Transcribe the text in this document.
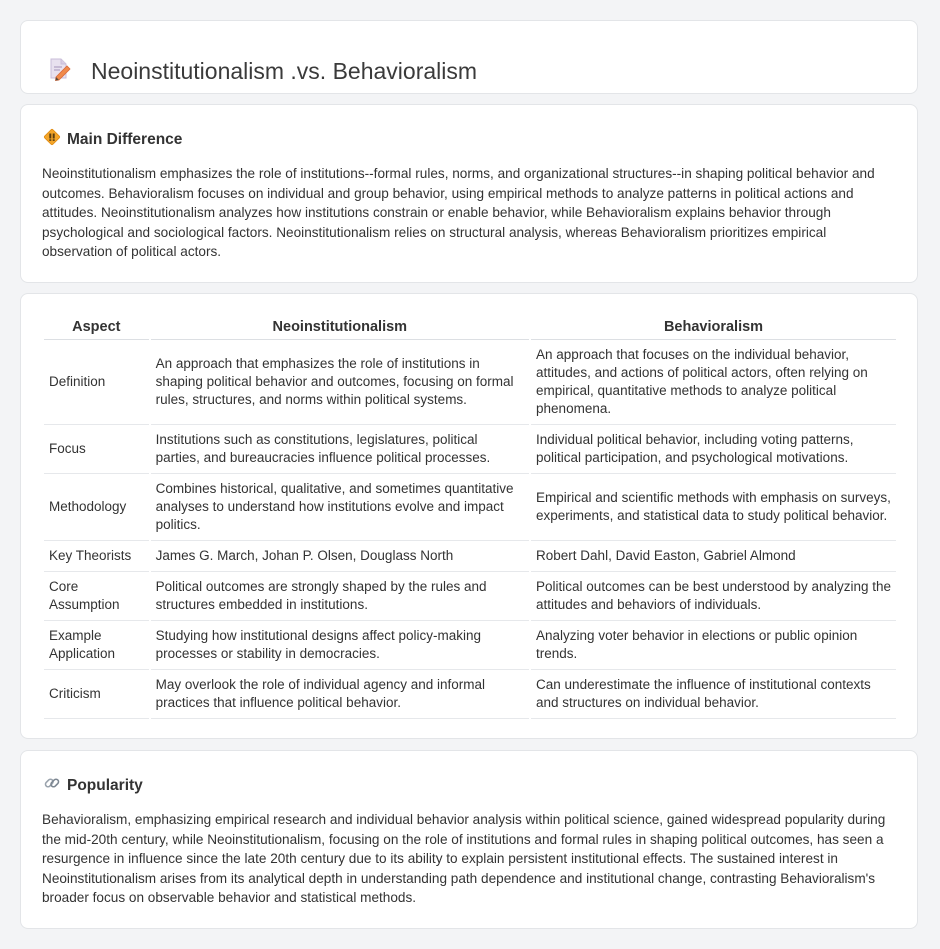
Neoinstitutionalism .vs. Behavioralism
Main Difference

Neoinstitutionalism emphasizes the role of institutions--formal rules, norms, and organizational structures--in shaping political behavior and outcomes. Behavioralism focuses on individual and group behavior, using empirical methods to analyze patterns in political actions and attitudes. Neoinstitutionalism analyzes how institutions constrain or enable behavior, while Behavioralism explains behavior through psychological and sociological factors. Neoinstitutionalism relies on structural analysis, whereas Behavioralism prioritizes empirical observation of political actors.

Aspect	Neoinstitutionalism	Behavioralism
Definition	An approach that emphasizes the role of institutions in shaping political behavior and outcomes, focusing on formal rules, structures, and norms within political systems.	An approach that focuses on the individual behavior, attitudes, and actions of political actors, often relying on empirical, quantitative methods to analyze political phenomena.
Focus	Institutions such as constitutions, legislatures, political parties, and bureaucracies influence political processes.	Individual political behavior, including voting patterns, political participation, and psychological motivations.
Methodology	Combines historical, qualitative, and sometimes quantitative analyses to understand how institutions evolve and impact politics.	Empirical and scientific methods with emphasis on surveys, experiments, and statistical data to study political behavior.
Key Theorists	James G. March, Johan P. Olsen, Douglass North	Robert Dahl, David Easton, Gabriel Almond
Core Assumption	Political outcomes are strongly shaped by the rules and structures embedded in institutions.	Political outcomes can be best understood by analyzing the attitudes and behaviors of individuals.
Example Application	Studying how institutional designs affect policy-making processes or stability in democracies.	Analyzing voter behavior in elections or public opinion trends.
Criticism	May overlook the role of individual agency and informal practices that influence political behavior.	Can underestimate the influence of institutional contexts and structures on individual behavior.
Popularity

Behavioralism, emphasizing empirical research and individual behavior analysis within political science, gained widespread popularity during the mid-20th century, while Neoinstitutionalism, focusing on the role of institutions and formal rules in shaping political outcomes, has seen a resurgence in influence since the late 20th century due to its ability to explain persistent institutional effects. The sustained interest in Neoinstitutionalism arises from its analytical depth in understanding path dependence and institutional change, contrasting Behavioralism's broader focus on observable behavior and statistical methods.
